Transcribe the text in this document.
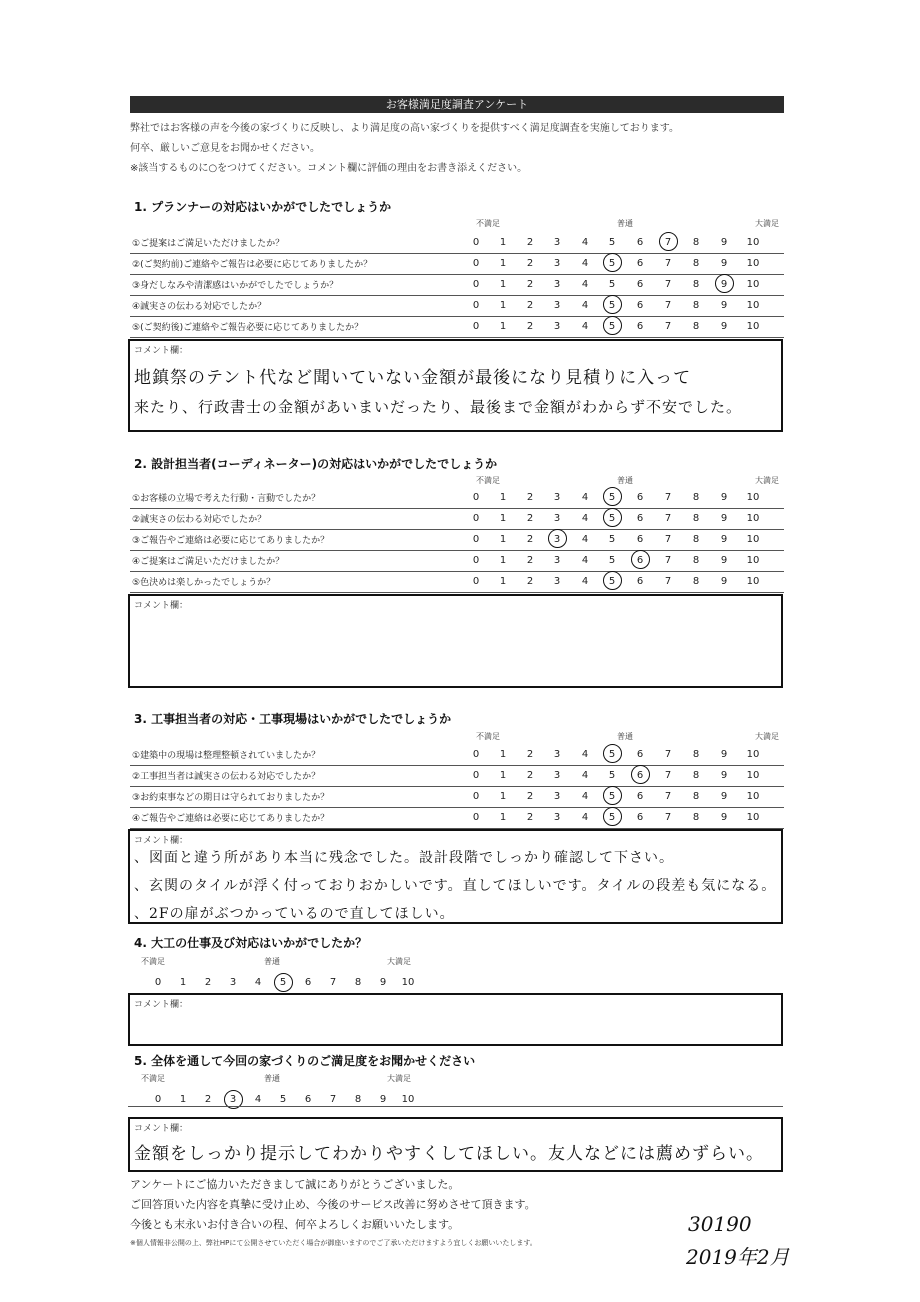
お客様満足度調査アンケート
弊社ではお客様の声を今後の家づくりに反映し、より満足度の高い家づくりを提供すべく満足度調査を実施しております。
何卒、厳しいご意見をお聞かせください。
※該当するものに○をつけてください。コメント欄に評価の理由をお書き添えください。
1. プランナーの対応はいかがでしたでしょうか
不満足	普通	大満足
①ご提案はご満足いただけましたか？	0	1	2	3	4	5	6	7	8	9	10
②(ご契約前)ご連絡やご報告は必要に応じてありましたか？	0	1	2	3	4	5	6	7	8	9	10
③身だしなみや清潔感はいかがでしたでしょうか？	0	1	2	3	4	5	6	7	8	9	10
④誠実さの伝わる対応でしたか？	0	1	2	3	4	5	6	7	8	9	10
⑤(ご契約後)ご連絡やご報告必要に応じてありましたか？	0	1	2	3	4	5	6	7	8	9	10
コメント欄：
地鎮祭のテント代など聞いていない金額が最後になり見積りに入って
来たり、行政書士の金額があいまいだったり、最後まで金額がわからず不安でした。
2. 設計担当者(コーディネーター)の対応はいかがでしたでしょうか
不満足	普通	大満足
①お客様の立場で考えた行動・言動でしたか？	0	1	2	3	4	5	6	7	8	9	10
②誠実さの伝わる対応でしたか？	0	1	2	3	4	5	6	7	8	9	10
③ご報告やご連絡は必要に応じてありましたか？	0	1	2	3	4	5	6	7	8	9	10
④ご提案はご満足いただけましたか？	0	1	2	3	4	5	6	7	8	9	10
⑤色決めは楽しかったでしょうか？	0	1	2	3	4	5	6	7	8	9	10
コメント欄：
3. 工事担当者の対応・工事現場はいかがでしたでしょうか
不満足	普通	大満足
①建築中の現場は整理整頓されていましたか？	0	1	2	3	4	5	6	7	8	9	10
②工事担当者は誠実さの伝わる対応でしたか？	0	1	2	3	4	5	6	7	8	9	10
③お約束事などの期日は守られておりましたか？	0	1	2	3	4	5	6	7	8	9	10
④ご報告やご連絡は必要に応じてありましたか？	0	1	2	3	4	5	6	7	8	9	10
コメント欄：
、図面と違う所があり本当に残念でした。設計段階でしっかり確認して下さい。
、玄関のタイルが浮く付っておりおかしいです。直してほしいです。タイルの段差も気になる。
、2Fの扉がぶつかっているので直してほしい。
4. 大工の仕事及び対応はいかがでしたか？
不満足	普通	大満足
0	1	2	3	4	5	6	7	8	9	10
コメント欄：
5. 全体を通して今回の家づくりのご満足度をお聞かせください
不満足	普通	大満足
0	1	2	3	4	5	6	7	8	9	10
コメント欄：
金額をしっかり提示してわかりやすくしてほしい。友人などには薦めずらい。
アンケートにご協力いただきまして誠にありがとうございました。
ご回答頂いた内容を真摯に受け止め、今後のサービス改善に努めさせて頂きます。
今後とも末永いお付き合いの程、何卒よろしくお願いいたします。
※個人情報非公開の上、弊社HPにて公開させていただく場合が御座いますのでご了承いただけますよう宜しくお願いいたします。
30190
2019年2月
